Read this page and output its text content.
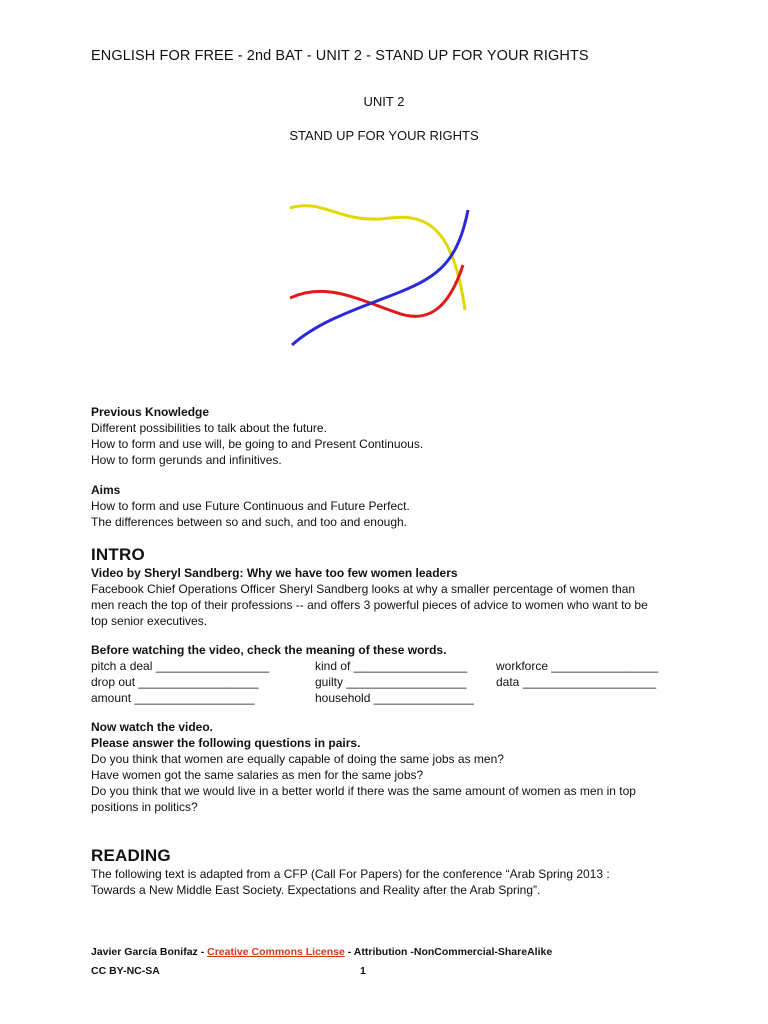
ENGLISH FOR FREE - 2nd BAT - UNIT 2 - STAND UP FOR YOUR RIGHTS
UNIT 2
STAND UP FOR YOUR RIGHTS
Previous Knowledge
Different possibilities to talk about the future.
How to form and use will, be going to and Present Continuous.
How to form gerunds and infinitives.
Aims
How to form and use Future Continuous and Future Perfect.
The differences between so and such, and too and enough.
INTRO
Video by Sheryl Sandberg: Why we have too few women leaders
Facebook Chief Operations Officer Sheryl Sandberg looks at why a smaller percentage of women than
men reach the top of their professions -- and offers 3 powerful pieces of advice to women who want to be
top senior executives.
Before watching the video, check the meaning of these words.
pitch a deal _________________	kind of _________________ workforce ________________
drop out __________________	guilty __________________ data ____________________
amount __________________	household _______________
Now watch the video.
Please answer the following questions in pairs.
Do you think that women are equally capable of doing the same jobs as men?
Have women got the same salaries as men for the same jobs?
Do you think that we would live in a better world if there was the same amount of women as men in top
positions in politics?
READING
The following text is adapted from a CFP (Call For Papers) for the conference “Arab Spring 2013 :
Towards a New Middle East Society. Expectations and Reality after the Arab Spring”.
Javier García Bonifaz - Creative Commons License - Attribution -NonCommercial-ShareAlike
CC BY-NC-SA	1
